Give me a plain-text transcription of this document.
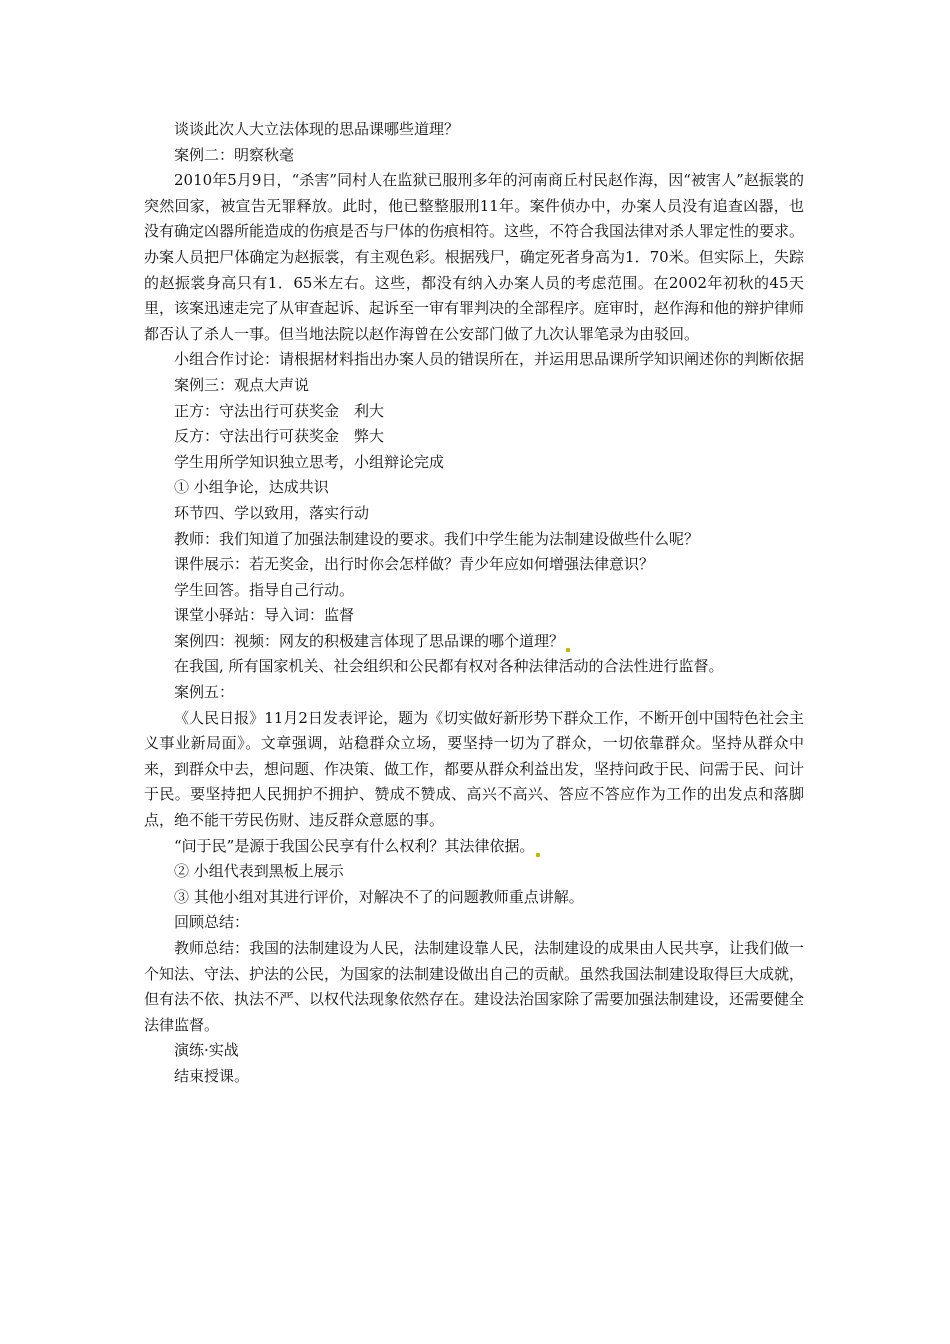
谈谈此次人大立法体现的思品课哪些道理？

案例二：明察秋毫

2010年5月9日，“杀害”同村人在监狱已服刑多年的河南商丘村民赵作海，因“被害人”赵振裳的突然回家，被宣告无罪释放。此时，他已整整服刑11年。案件侦办中，办案人员没有追查凶器，也没有确定凶器所能造成的伤痕是否与尸体的伤痕相符。这些，不符合我国法律对杀人罪定性的要求。办案人员把尸体确定为赵振裳，有主观色彩。根据残尸，确定死者身高为1．70米。但实际上，失踪的赵振裳身高只有1．65米左右。这些，都没有纳入办案人员的考虑范围。在2002年初秋的45天里，该案迅速走完了从审查起诉、起诉至一审有罪判决的全部程序。庭审时，赵作海和他的辩护律师都否认了杀人一事。但当地法院以赵作海曾在公安部门做了九次认罪笔录为由驳回。

小组合作讨论：请根据材料指出办案人员的错误所在，并运用思品课所学知识阐述你的判断依据

案例三：观点大声说

正方：守法出行可获奖金　利大

反方：守法出行可获奖金　弊大

学生用所学知识独立思考，小组辩论完成

① 小组争论，达成共识

环节四、学以致用，落实行动

教师：我们知道了加强法制建设的要求。我们中学生能为法制建设做些什么呢？

课件展示：若无奖金，出行时你会怎样做？青少年应如何增强法律意识？

学生回答。指导自己行动。

课堂小驿站：导入词：监督

案例四：视频：网友的积极建言体现了思品课的哪个道理？

在我国, 所有国家机关、社会组织和公民都有权对各种法律活动的合法性进行监督。

案例五：

《人民日报》11月2日发表评论，题为《切实做好新形势下群众工作，不断开创中国特色社会主义事业新局面》。文章强调，站稳群众立场，要坚持一切为了群众，一切依靠群众。坚持从群众中来，到群众中去，想问题、作决策、做工作，都要从群众利益出发，坚持问政于民、问需于民、问计于民。要坚持把人民拥护不拥护、赞成不赞成、高兴不高兴、答应不答应作为工作的出发点和落脚点，绝不能干劳民伤财、违反群众意愿的事。

“问于民”是源于我国公民享有什么权利？其法律依据。

② 小组代表到黑板上展示

③ 其他小组对其进行评价，对解决不了的问题教师重点讲解。

回顾总结：

教师总结：我国的法制建设为人民，法制建设靠人民，法制建设的成果由人民共享，让我们做一个知法、守法、护法的公民，为国家的法制建设做出自己的贡献。虽然我国法制建设取得巨大成就，但有法不依、执法不严、以权代法现象依然存在。建设法治国家除了需要加强法制建设，还需要健全法律监督。

演练·实战

结束授课。
